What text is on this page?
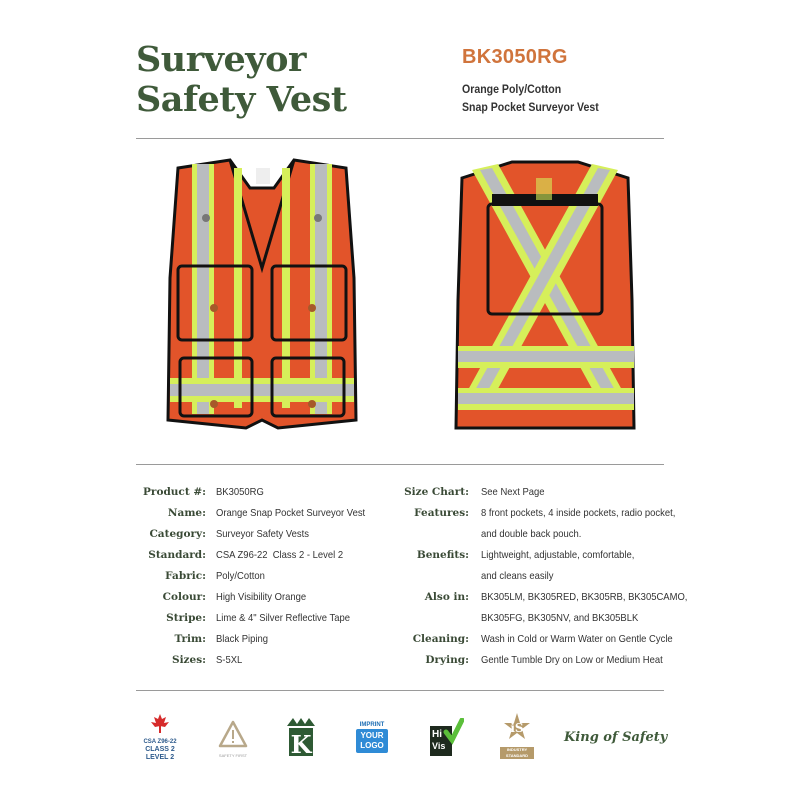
Surveyor
Safety Vest
BK3050RG
Orange Poly/Cotton
Snap Pocket Surveyor Vest
Product #: BK3050RG
Name: Orange Snap Pocket Surveyor Vest
Category: Surveyor Safety Vests
Standard: CSA Z96-22  Class 2 - Level 2
Fabric: Poly/Cotton
Colour: High Visibility Orange
Stripe: Lime & 4" Silver Reflective Tape
Trim: Black Piping
Sizes: S-5XL
Size Chart: See Next Page
Features: 8 front pockets, 4 inside pockets, radio pocket,
and double back pouch.
Benefits: Lightweight, adjustable, comfortable,
and cleans easily
Also in: BK305LM, BK305RED, BK305RB, BK305CAMO,
BK305FG, BK305NV, and BK305BLK
Cleaning: Wash in Cold or Warm Water on Gentle Cycle
Drying: Gentle Tumble Dry on Low or Medium Heat
CSA Z96-22
CLASS 2
LEVEL 2	SAFETY FIRST K
IMPRINT
YOUR
LOGO
Hi
Vis
iS
INDUSTRY
STANDARD
King of Safety
